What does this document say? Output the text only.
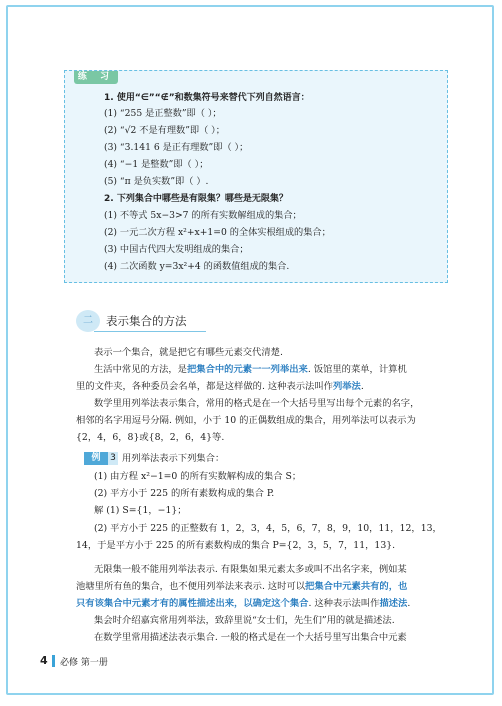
练 习
1. 使用“∈”“∉”和数集符号来替代下列自然语言：
(1) “255 是正整数”即（ ）；
(2) “√2 不是有理数”即（ ）；
(3) “3.141 6 是正有理数”即（ ）；
(4) “−1 是整数”即（ ）；
(5) “π 是负实数”即（ ）.
2. 下列集合中哪些是有限集？哪些是无限集？
(1) 不等式 5x−3>7 的所有实数解组成的集合；
(2) 一元二次方程 x²+x+1=0 的全体实根组成的集合；
(3) 中国古代四大发明组成的集合；
(4) 二次函数 y=3x²+4 的函数值组成的集合.
二	表示集合的方法
表示一个集合，就是把它有哪些元素交代清楚.
生活中常见的方法，是把集合中的元素一一列举出来. 饭馆里的菜单，计算机
里的文件夹，各种委员会名单，都是这样做的. 这种表示法叫作列举法.
数学里用列举法表示集合，常用的格式是在一个大括号里写出每个元素的名字，
相邻的名字用逗号分隔. 例如，小于 10 的正偶数组成的集合，用列举法可以表示为
{2，4，6，8}或{8，2，6，4}等.
例	3 用列举法表示下列集合：
(1) 由方程 x²−1=0 的所有实数解构成的集合 S；
(2) 平方小于 225 的所有素数构成的集合 P.
解 (1) S={1，−1}；
(2) 平方小于 225 的正整数有 1，2，3，4，5，6，7，8，9，10，11，12，13，
14，于是平方小于 225 的所有素数构成的集合 P={2，3，5，7，11，13}.
无限集一般不能用列举法表示. 有限集如果元素太多或叫不出名字来，例如某
池塘里所有鱼的集合，也不便用列举法来表示. 这时可以把集合中元素共有的，也
只有该集合中元素才有的属性描述出来，以确定这个集合. 这种表示法叫作描述法.
集会时介绍嘉宾常用列举法，致辞里说“女士们，先生们”用的就是描述法.
在数学里常用描述法表示集合. 一般的格式是在一个大括号里写出集合中元素
4 必修 第一册
